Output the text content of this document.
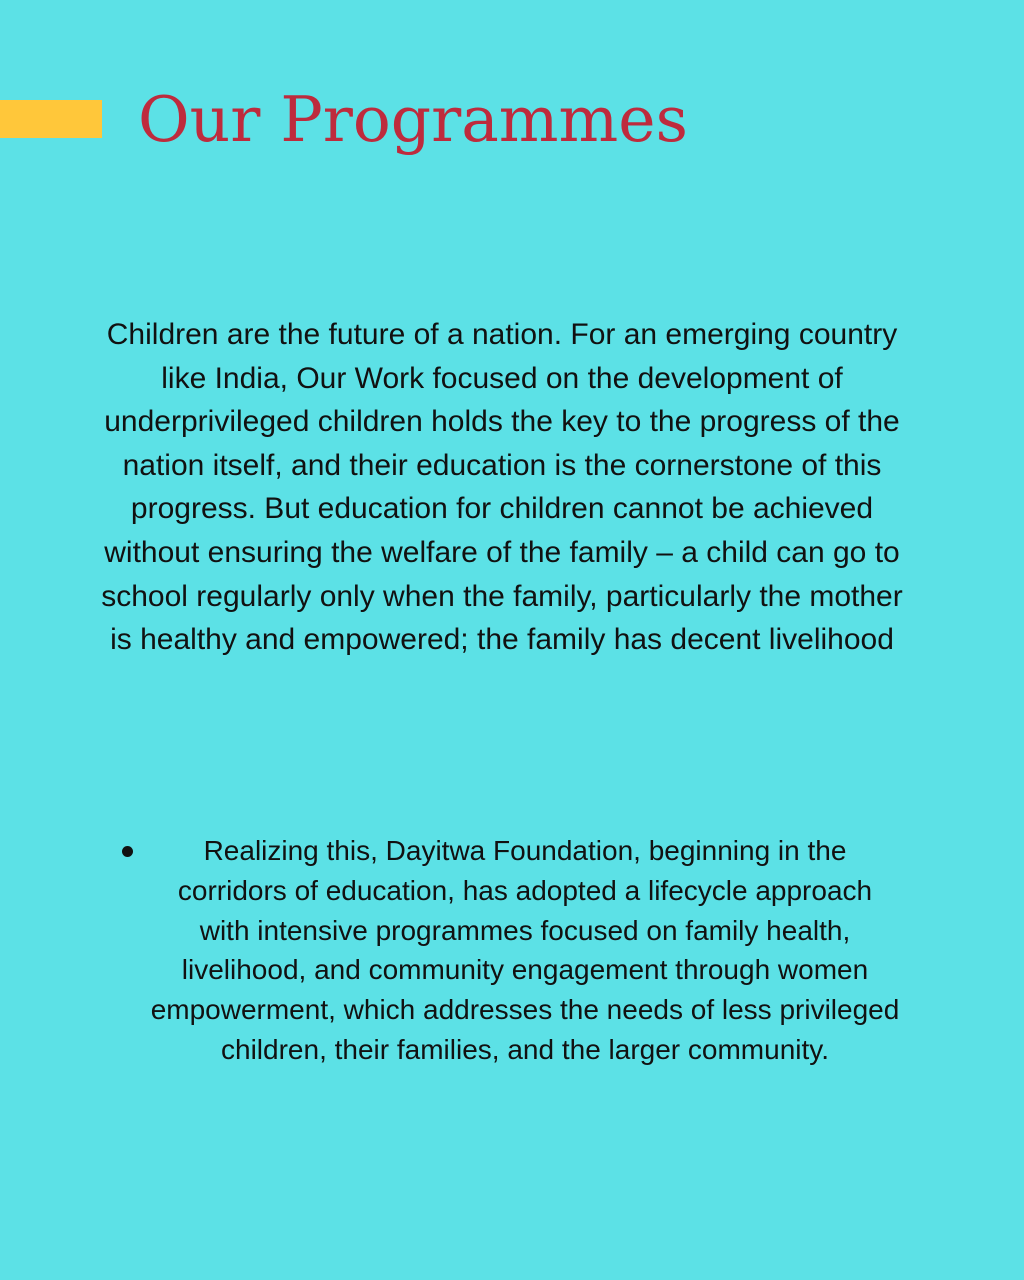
Our Programmes

Children are the future of a nation. For an emerging country like India, Our Work focused on the development of underprivileged children holds the key to the progress of the nation itself, and their education is the cornerstone of this progress. But education for children cannot be achieved without ensuring the welfare of the family – a child can go to school regularly only when the family, particularly the mother is healthy and empowered; the family has decent livelihood

Realizing this, Dayitwa Foundation, beginning in the corridors of education, has adopted a lifecycle approach with intensive programmes focused on family health, livelihood, and community engagement through women empowerment, which addresses the needs of less privileged children, their families, and the larger community.
